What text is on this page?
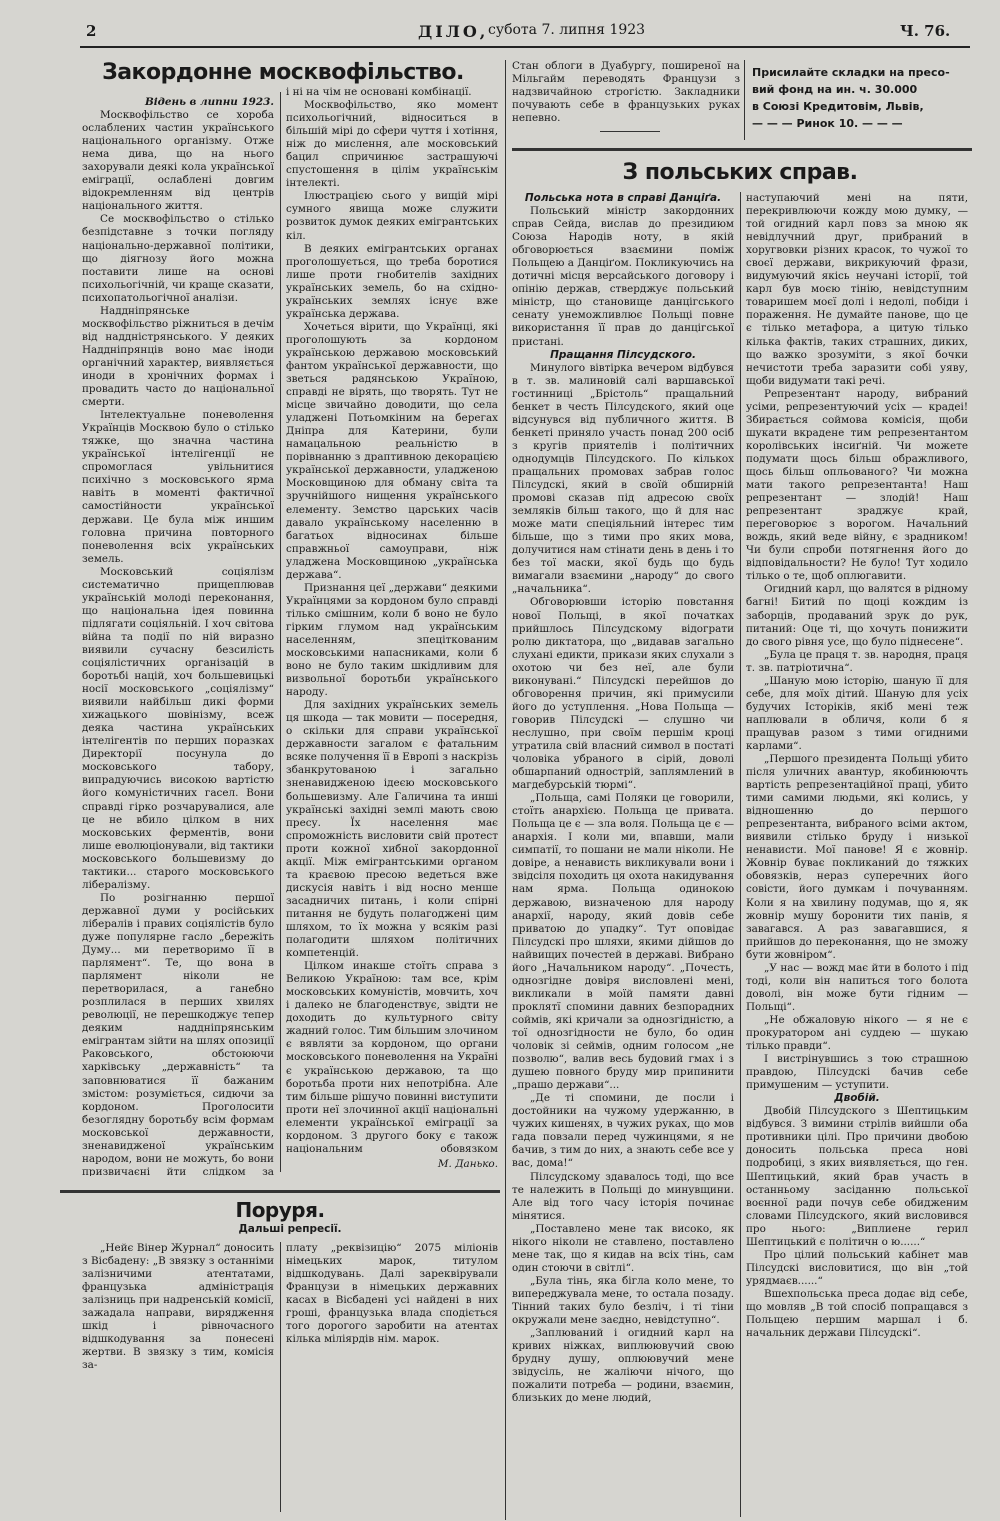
2	ДІЛО, субота 7. липня 1923	Ч. 76.
Закордонне москвофільство.

Відень в липни 1923.

Москвофільство се хороба ослаблених частин українського національного організму. Отже нема дива, що на нього захорували деякі кола української еміграції, ослаблені довгим відокремленням від центрів національного життя.

Се москвофільство о стілько безпідставне з точки погляду національно-державної політики, що діягнозу його можна поставити лише на основі психольогічній, чи краще сказати, психопатольогічної аналізи.

Наддніпрянське москвофільство ріжниться в дечім від наддністрянського. У деяких Наддніпрянців воно має іноди органічний характер, виявляється иноди в хронічних формах і провадить часто до національної смерти.

Інтелектуальне поневолення Українців Москвою було о стілько тяжке, що значна частина української інтелігенції не спромоглася увільнитися психічно з московського ярма навіть в моменті фактичної самостійности української держави. Це була між иншим головна причина повторного поневолення всіх українських земель.

Московський соціялізм систематично прищеплював українській молоді переконання, що національна ідея повинна підлягати соціяльній. І хоч світова війна та події по ній виразно виявили сучасну безсилість соціялістичних організацій в боротьбі націй, хоч большевицькі носії московського „соціялізму“ виявили найбільш дикі форми хижацького шовінізму, всеж деяка частина українських інтелігентів по перших поразках Директорії посунула до московського табору, випрадуючись високою вартістю його комуністичних гасел. Вони справді гірко розчарувалися, але це не вбило цілком в них московських ферментів, вони лише еволюціонували, від тактики московського большевизму до тактики... старого московського лібералізму.

По розігнанню першої державної думи у російських лібералів і правих соціялістів було дуже популярне гасло „бережіть Думу... ми перетворимо її в парлямент“. Те, що вона в парлямент ніколи не перетворилася, а ганебно розплилася в перших хвилях революції, не перешкоджує тепер деяким наддніпрянським емігрантам зійти на шлях опозиції Раковського, обстоюючи харківську „державність“ та заповнюватися її бажаним змістом: розуміється, сидючи за кордоном. Проголосити безоглядну боротьбу всім формам московської державности, зненавидженої українським народом, вони не можуть, бо вони призвичаєні йти слідком за

і ні на чім не основані комбінації.

Москвофільство, яко момент психольогічний, відноситься в більшій мірі до сфери чуття і хотіння, ніж до мислення, але московський бацил спричинює застрашуючі спустошення в цілім українськім інтелекті.

Ілюстрацією сього у вищій мірі сумного явища може служити розвиток думок деяких емігрантських кіл.

В деяких емігрантських органах проголошується, що треба боротися лише проти гнобителів західних українських земель, бо на східно-українських землях існує вже українська держава.

Хочеться вірити, що Українці, які проголошують за кордоном українською державою московський фантом української державности, що зветься радянською Україною, справді не вірять, що творять. Тут не місце звичайно доводити, що села уладжені Потьомкіним на берегах Дніпра для Катерини, були намацальною реальністю в порівнанню з драптивною декорацією української державности, уладженою Московщиною для обману світа та зручнійшого нищення українського елементу. Земство царських часів давало українському населенню в багатьох відносинах більше справжньої самоуправи, ніж уладжена Московщиною „українська держава“.

Признання цеї „держави“ деякими Українцями за кордоном було справді тілько смішним, коли б воно не було гірким глумом над українським населенням, зпеціткованим московськими напасниками, коли б воно не було таким шкідливим для визвольної боротьби українського народу.

Для західних українських земель ця шкода — так мовити — посередня, о скільки для справи української державности загалом є фатальним всяке получення її в Европі з наскрізь збанкрутованою і загально зненавидженою ідеєю московського большевизму. Але Галичина та инші українські західні землі мають свою пресу. Їх населення має спроможність висловити свій протест проти кожної хибної закордонної акції. Між емігрантськими органом та краєвою пресою ведеться вже дискусія навіть і від ноcно менше засадничих питань, і коли спірні питання не будуть полагоджені цим шляхом, то їх можна у всякім разі полагодити шляхом політичних компетенцій.

Цілком инакше стоїть справа з Великою Україною: там все, крім московських комуністів, мовчить, хоч і далеко не благоденствує, звідти не доходить до культурного світу жадний голос. Тим більшим злочином є вявляти за кордоном, що органи московського поневолення на Україні є українською державою, та що боротьба проти них непотрібна. Але тим більше рішучо повинні виступити проти неї злочинної акції національні елементи української еміграції за кордоном. З другого боку є також національним обовязком

М. Данько.

Поруря.

Дальші репресії.

„Нейє Вінер Журнал“ доносить з Вісбадену: „В звязку з останніми залізничими атентатами, французька адміністрація залізниць при надренській комісії, зажадала направи, вирядження шкід і рівночасного відшкодування за понесені жертви. В звязку з тим, комісія за-

плату „реквізицію“ 2075 міліонів німецьких марок, титулом відшкодувань. Далі зареквірували Французи в німецьких державних касах в Вісбадені усі найдені в них гроші, французька влада сподіється того дорогого заробити на атентах кілька міліярдів нім. марок.

Стан облоги в Дуабургу, поширеної на Мільгайм переводять Французи з надзвичайною строгістю. Закладники почувають себе в французьких руках непевно.

Присилайте складки на пресо-

вий фонд на ин. ч. 30.000

в Союзі Кредитовім, Львів,

— — — Ринок 10. — — —

З польських справ.

Польська нота в справі Данціґа.

Польський міністр закордонних справ Сейда, вислав до президиюм Союза Народів ноту, в якій обговорюється взаємини поміж Польщею а Данціґом. Покликуючись на дотичні місця версайського договору і опінію держав, стверджує польський міністр, що становище данцігського сенату унеможливлює Польщі повне використання її прав до данцігської пристані.

Пращання Пілсудского.

Минулого вівтірка вечером відбувся в т. зв. малиновій салі варшавської гостинниці „Брістоль“ пращальний бенкет в честь Пілсудского, який оце відсунувся від публичного життя. В бенкеті приняло участь понад 200 осіб з кругів приятелів і політичних однодумців Пілсудского. По кількох пращальних промовах забрав голос Пілсудскі, який в своїй обширній промові сказав під адресою своїх земляків більш такого, що й для нас може мати спеціяльний інтерес тим більше, що з тими про яких мова, долучитися нам стінати день в день і то без тої маски, якої будь що будь вимагали взаємини „народу“ до свого „начальника“.

Обговорювши історію повстання нової Польщі, в якої початках прийшлось Пілсудскому відограти ролю диктатора, що „видавав загально слухані едикти, прикази яких слухали з охотою чи без неї, але були виконувані.“ Пілсудскі перейшов до обговорення причин, які примусили його до уступлення. „Нова Польща — говорив Пілсудскі — слушно чи неслушно, при своїм першім кроці утратила свій власний символ в постаті чоловіка убраного в сірій, доволі обшарпаний однострій, заплямлений в магдебурській тюрмі“.

„Польща, самі Поляки це говорили, стоїть анархією. Польща це привата. Польща це є — зла воля. Польща це є — анархія. І коли ми, впавши, мали симпатії, то пошани не мали ніколи. Не довіре, а ненависть викликували вони і звідсіля походить ця охота накидування нам ярма. Польща одинокою державою, визначеною для народу анархії, народу, який довів себе приватою до упадку“. Тут оповідає Пілсудскі про шляхи, якими дійшов до найвищих почестей в державі. Вибрано його „Начальником народу“. „Почесть, однозгідне довіря висловлені мені, викликали в моїй памяти давні проклятї спомини давних безпорадних соймів, які кричали за однозгідністю, а тої однозгідности не було, бо один чоловік зі сеймів, одним голосом „не позволю“, валив весь будовий гмах і з душею повного бруду мир припинити „прашо держави“...

„Де ті спомини, де посли і достойники на чужому удержанню, в чужих кишенях, в чужих руках, що мов гада повзали перед чужинцями, я не бачив, з тим до них, а знають себе все у вас, дома!“

Пілсудскому здавалось тоді, що все те належить в Польщі до минувщини. Але від того часу історія починає мінятися.

„Поставлено мене так високо, як нікого ніколи не ставлено, поставлено мене так, що я кидав на всіх тінь, сам один стоючи в світлі“.

„Була тінь, яка біглa коло мене, то випереджувала мене, то остала позаду. Тінний таких було безліч, і ті тіни окружали мене заєдно, невідступно“.

„Заплюваний і огидний карл на кривих ніжках, виплюювучий свою брудну душу, оплюювучий мене звідусіль, не жаліючи нічого, що пожалити потреба — родини, взаємин, близьких до мене людий,

наступаючий мені на пяти, перекривлюючи кожду мою думку, — той огидний карл повз за мною як невідлучний друг, прибраний в хоругвовки різних красок, то чужої то своєї держави, викрикуючий фрази, видумуючий якісь неучані історії, той карл був моєю тінію, невідступним товаришем моєї долі і недолі, побіди і пораження. Не думайте панове, що це є тілько метафора, а цитую тілько кілька фактів, таких страшних, диких, що важко зрозуміти, з якої бочки нечистоти треба заразити собі уяву, щоби видумати такі речі.

Репрезентант народу, вибраний усіми, репрезентуючий усіх — крадеі! Збирається соймова комісія, щоби шукати вкрадене тим репрезентантом королівських інсиґній. Чи можете подумати щось більш ображливого, щось більш опльованого? Чи можна мати такого репрезентанта! Наш репрезентант — злодій! Наш репрезентант зраджує край, переговорює з ворогом. Начальний вождь, який веде війну, є зрадником! Чи були спроби потягнення його до відповідальности? Не було! Тут ходило тілько о те, щоб оплюгавити.

Огидний карл, що валятся в рідному багні! Битий по щоці кождим із заборців, продаваний зрук до рук, питаний: Оце ті, що хочуть понижити до свого рівня усе, що було піднесене“.

„Була це праця т. зв. народня, праця т. зв. патріотична“.

„Шаную мою історію, шаную її для себе, для моїх дітий. Шаную для усіх будучих Історіків, якіб мені теж наплювали в обличя, коли б я пращував разом з тими огидними карлами“.

„Першого президента Польщі убито після уличних авантур, якобинюючть вартість репрезентаційної праці, убито тими самими людьми, які колись, у відношенню до першого репрезентанта, вибраного всіми актом, виявили стілько бруду і низької ненависти. Мої панове! Я є жовнір. Жовнір буває покликаний до тяжких обовязків, нераз суперечних його совісти, його думкам і почуванням. Коли я на хвилину подумав, що я, як жовнір мушу боронити тих панів, я завагався. А раз завагавшися, я прийшов до переконання, що не зможу бути жовніром“.

„У нас — вожд має йти в болото і під тоді, коли він напиться того болота доволі, він може бути гідним — Польщі“.

„Не обжаловую нікого — я не є прокуратором ані суддею — шукаю тілько правди“.

І вистрінувшись з тою страшною правдою, Пілсудскі бачив себе примушеним — уступити.

Двобій.

Двобій Пілсудского з Шептицьким відбувся. З вимини стрілів вийшли оба противники цілі. Про причини двобою доносить польська преса нові подробиці, з яких виявляється, що ген. Шептицький, який брав участь в останньому засіданню польської воєнної ради почув себе обидженим словами Пілсудского, який висловився про нього: „Виплиене rерил Шептицький є політичн о ю......“

Про цілий польський кабінет мав Пілсудскі висловитися, що він „той урядмаєв......“

Вшехпольська преса додає від себе, що мовляв „В той спосіб попращався з Польщею першим маршал і б. начальник держави Пілсудскі“.
